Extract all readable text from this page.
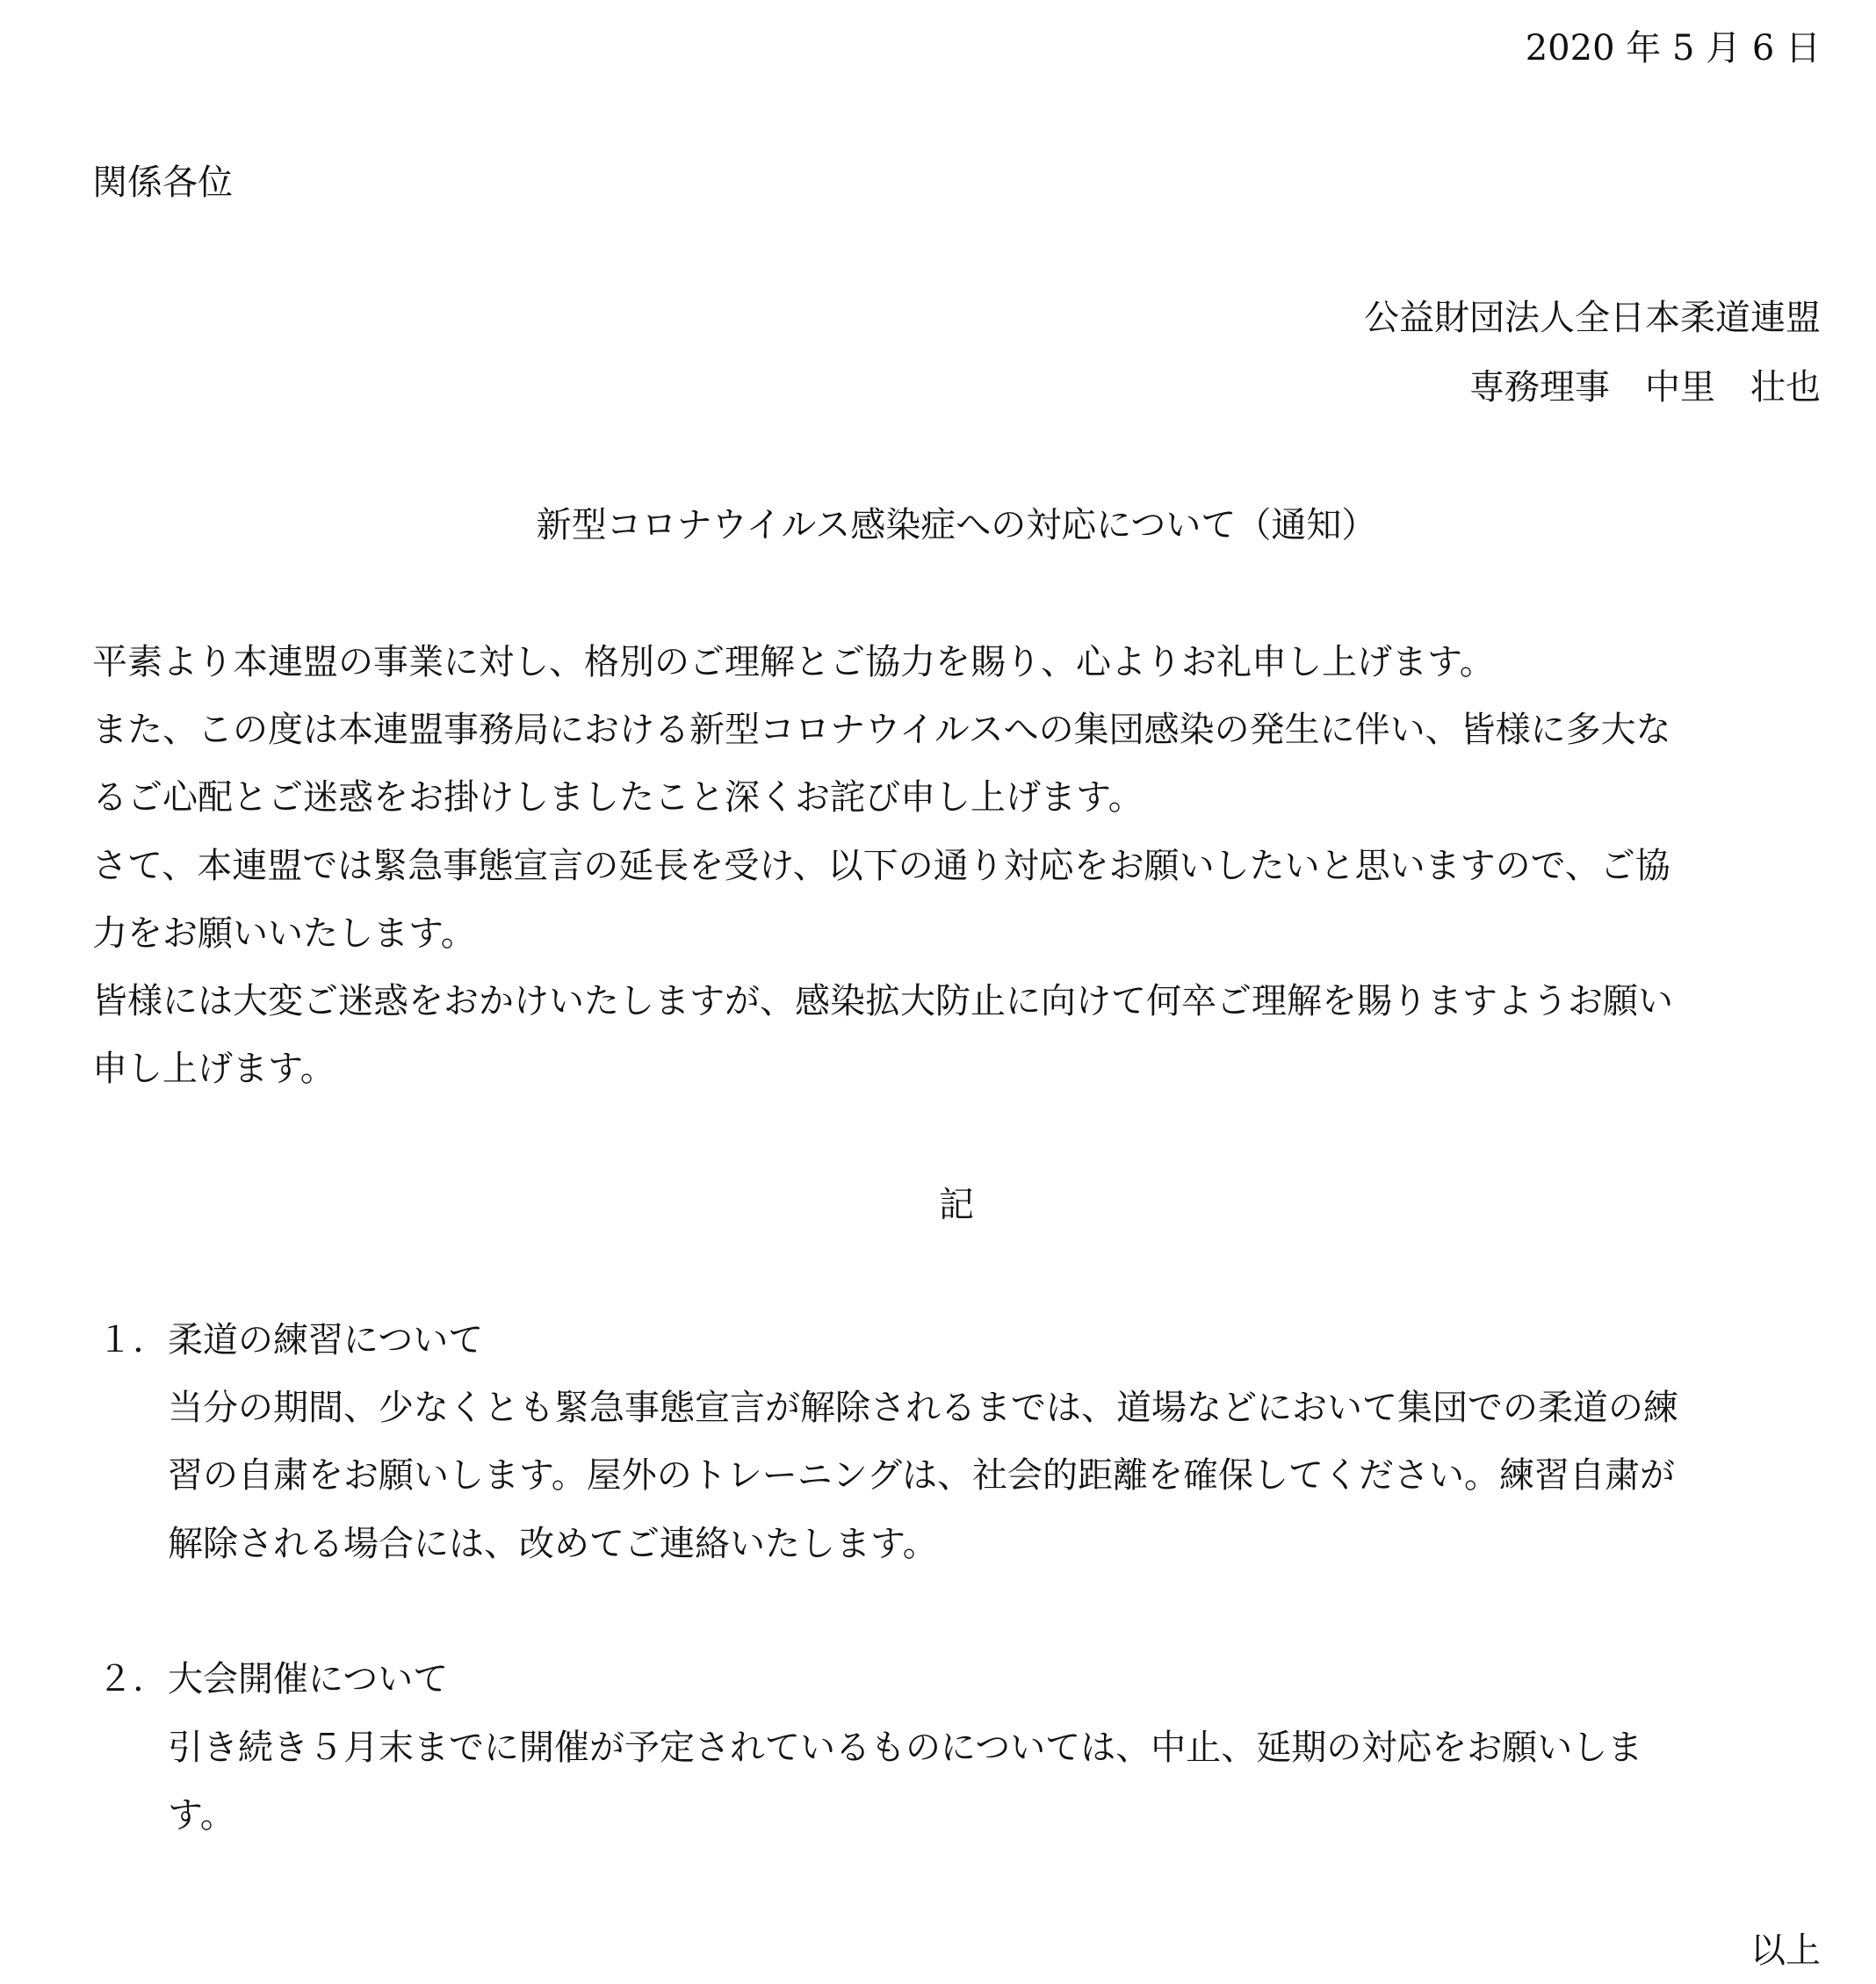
2020 年 5 月 6 日
関係各位
公益財団法人全日本柔道連盟
専務理事　中里　壮也
新型コロナウイルス感染症への対応について（通知）
平素より本連盟の事業に対し、格別のご理解とご協力を賜り、心よりお礼申し上げます。
また、この度は本連盟事務局における新型コロナウイルスへの集団感染の発生に伴い、皆様に多大な
るご心配とご迷惑をお掛けしましたこと深くお詫び申し上げます。
さて、本連盟では緊急事態宣言の延長を受け、以下の通り対応をお願いしたいと思いますので、ご協
力をお願いいたします。
皆様には大変ご迷惑をおかけいたしますが、感染拡大防止に向けて何卒ご理解を賜りますようお願い
申し上げます。
記
１. 柔道の練習について
当分の期間、少なくとも緊急事態宣言が解除されるまでは、道場などにおいて集団での柔道の練
習の自粛をお願いします。屋外のトレーニングは、社会的距離を確保してください。練習自粛が
解除される場合には、改めてご連絡いたします。
２. 大会開催について
引き続き５月末までに開催が予定されているものについては、中止、延期の対応をお願いしま
す。
以上
